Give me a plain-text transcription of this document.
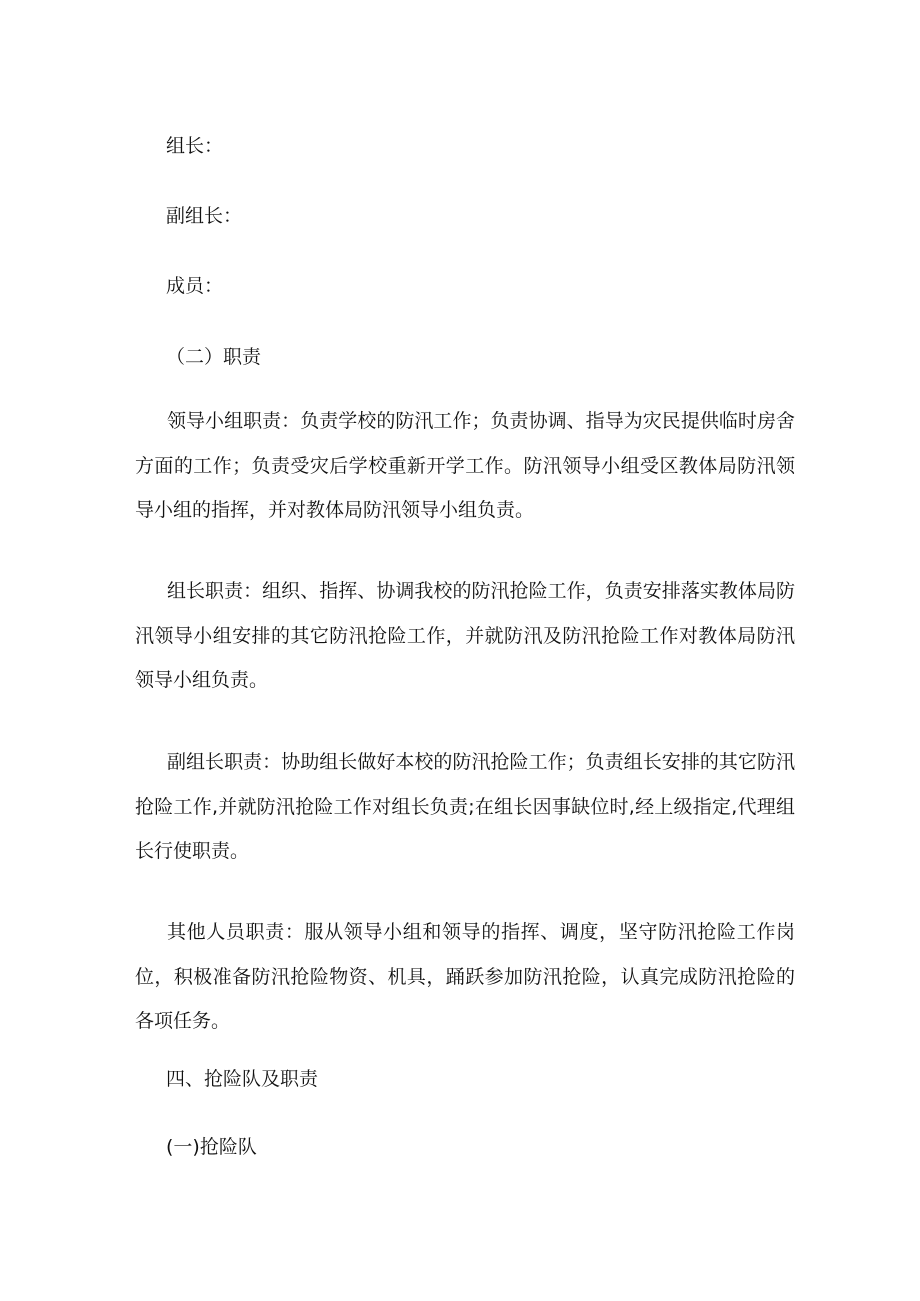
组长：
副组长：
成员：
（二）职责

领导小组职责：负责学校的防汛工作；负责协调、指导为灾民提供临时房舍方面的工作；负责受灾后学校重新开学工作。防汛领导小组受区教体局防汛领导小组的指挥，并对教体局防汛领导小组负责。

组长职责：组织、指挥、协调我校的防汛抢险工作，负责安排落实教体局防汛领导小组安排的其它防汛抢险工作，并就防汛及防汛抢险工作对教体局防汛领导小组负责。

副组长职责：协助组长做好本校的防汛抢险工作；负责组长安排的其它防汛抢险工作,并就防汛抢险工作对组长负责;在组长因事缺位时,经上级指定,代理组长行使职责。

其他人员职责：服从领导小组和领导的指挥、调度，坚守防汛抢险工作岗位，积极准备防汛抢险物资、机具，踊跃参加防汛抢险，认真完成防汛抢险的各项任务。

四、抢险队及职责
(一)抢险队
